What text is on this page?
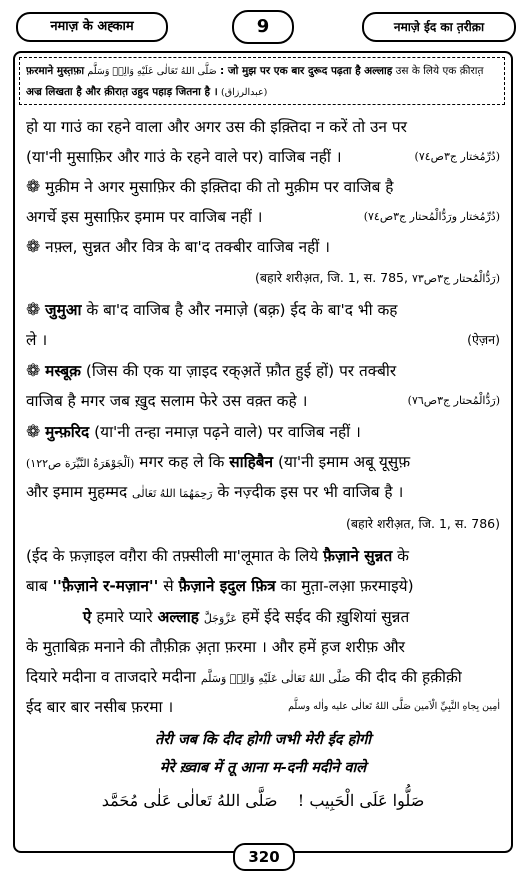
नमाज़ के अह्काम	9	नमाज़े ईद का त़रीक़ा
फ़रमाने मुस्त़फ़ा صَلَّى اللهُ تَعَالٰى عَلَيْهِ وَالِهٖ وَسَلَّم : जो मुझ पर एक बार दुरूद पढ़ता है अल्लाह उस के लिये एक क़ीरात़
अज्र लिखता है और क़ीरात़ उहुद पहाड़ जितना है । (عبدالرزاق)
हो या गाउं का रहने वाला और अगर उस की इक़्तिदा न करें तो उन पर
(या'नी मुसाफ़िर और गाउं के रहने वाले पर) वाजिब नहीं ।	(دُرِّمُختار ج۳ص۷٤)
❁ मुक़ीम ने अगर मुसाफ़िर की इक़्तिदा की तो मुक़ीम पर वाजिब है
अगर्चे इस मुसाफ़िर इमाम पर वाजिब नहीं ।	(دُرِّمُختار ورَدُّالْمُحتار ج۳ص۷٤)
❁ नफ़्ल, सुन्नत और वित्र के बा'द तक्बीर वाजिब नहीं ।
(बहारे शरीअ़त, जि. 1, स. 785, رَدُّالْمُحتار ج۳ص۷۳)
❁ जुमुआ के बा'द वाजिब है और नमाज़े (बक़्र) ईद के बा'द भी कह
ले ।	(ऐज़न)
❁ मस्बूक़ (जिस की एक या ज़ाइद रक्अ़तें फ़ौत हुई हों) पर तक्बीर
वाजिब है मगर जब ख़ुद सलाम फेरे उस वक़्त कहे ।	(رَدُّالْمُحتار ج۳ص۷٦)
❁ मुन्फ़रिद (या'नी तन्हा नमाज़ पढ़ने वाले) पर वाजिब नहीं ।
(اَلْجَوْهَرَةُ النَّيِّرَة ص۱۲۲) मगर कह ले कि साहिबैन (या'नी इमाम अबू यूसुफ़
और इमाम मुहम्मद رَحِمَهُمَا اللهُ تَعَالٰى के नज़्दीक इस पर भी वाजिब है ।
(बहारे शरीअ़त, जि. 1, स. 786)
(ईद के फ़ज़ाइल वग़ैरा की तफ़्सीली मा'लूमात के लिये फ़ैज़ाने सुन्नत के
बाब ''फ़ैज़ाने र-मज़ान'' से फ़ैज़ाने इदुल फ़ित्र का मुत़ा-लआ़ फ़रमाइये)
ऐ हमारे प्यारे अल्लाह عَزَّوَجَلَّ हमें ईदे सईद की ख़ुशियां सुन्नत
के मुत़ाबिक़ मनाने की तौफ़ीक़ अ़त़ा फ़रमा । और हमें ह़ज शरीफ़ और
दियारे मदीना व ताजदारे मदीना صَلَّى اللهُ تَعَالٰى عَلَيْهِ وَالِهٖ وَسَلَّم की दीद की ह़क़ीक़ी
ईद बार बार नसीब फ़रमा ।	اٰمِين بِجاهِ النَّبِيِّ الْاَمين صَلَّى اللهُ تَعالٰى عليه واٰله وسلَّم
तेरी जब कि दीद होगी जभी मेरी ईद होगी
मेरे ख़्वाब में तू आना म-दनी मदीने वाले
صَلُّوا عَلَى الْحَبِيب !    صَلَّى اللهُ تَعالٰى عَلٰى مُحَمَّد
320
